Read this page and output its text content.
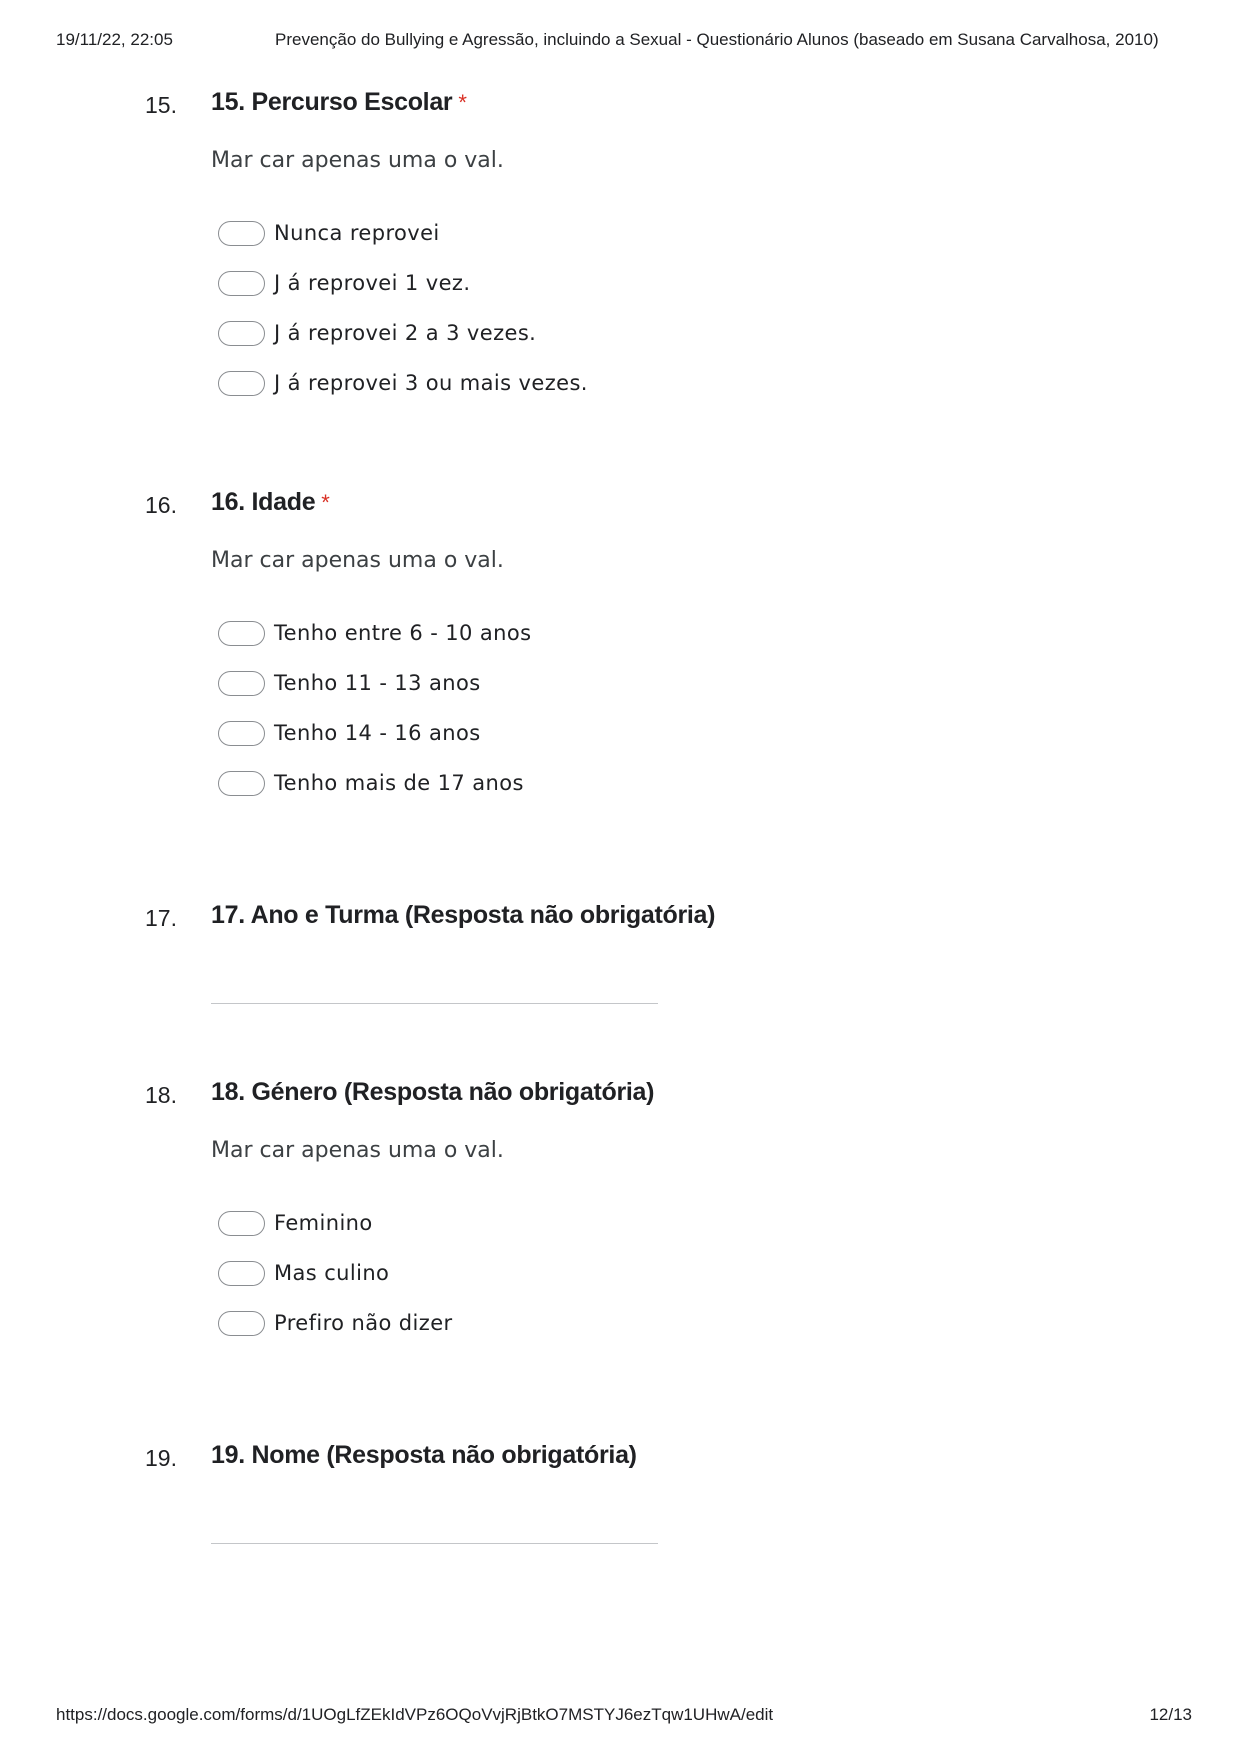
19/11/22, 22:05	Prevenção do Bullying e Agressão, incluindo a Sexual - Questionário Alunos (baseado em Susana Carvalhosa, 2010)
15. 15. Percurso Escolar *
Mar car apenas uma o val.
Nunca reprovei
J á reprovei 1 vez.
J á reprovei 2 a 3 vezes.
J á reprovei 3 ou mais vezes.
16. 16. Idade *
Mar car apenas uma o val.
Tenho entre 6 - 10 anos
Tenho 11 - 13 anos
Tenho 14 - 16 anos
Tenho mais de 17 anos
17. 17. Ano e Turma (Resposta não obrigatória)
18. 18. Género (Resposta não obrigatória)
Mar car apenas uma o val.
Feminino
Mas culino
Prefiro não dizer
19. 19. Nome (Resposta não obrigatória)
https://docs.google.com/forms/d/1UOgLfZEkIdVPz6OQoVvjRjBtkO7MSTYJ6ezTqw1UHwA/edit	12/13
